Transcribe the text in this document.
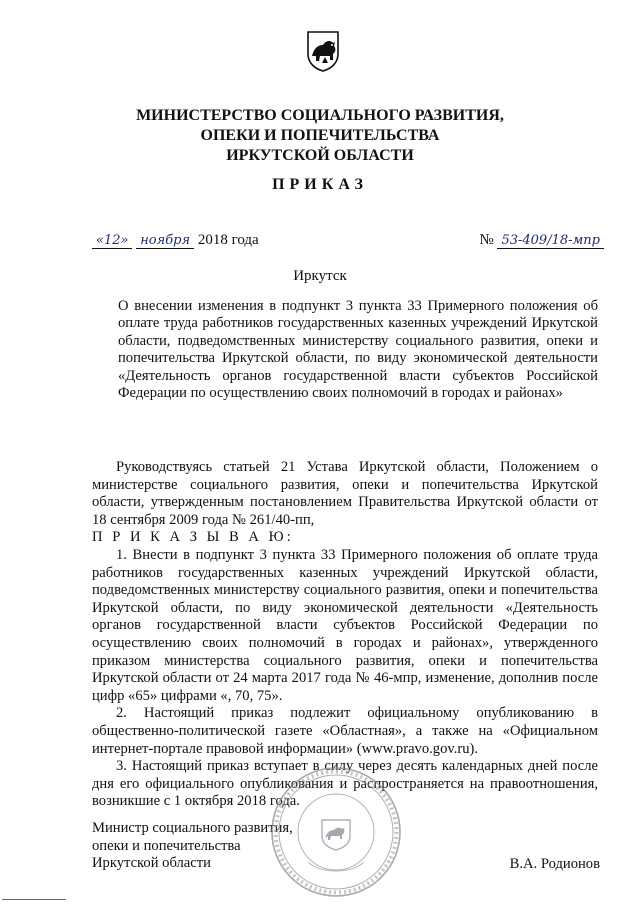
МИНИСТЕРСТВО СОЦИАЛЬНОГО РАЗВИТИЯ,
ОПЕКИ И ПОПЕЧИТЕЛЬСТВА
ИРКУТСКОЙ ОБЛАСТИ
ПРИКАЗ
«12» ноября 2018 года	№ 53-409/18-мпр
Иркутск
О внесении изменения в подпункт 3 пункта 33 Примерного положения об оплате труда работников государственных казенных учреждений Иркутской области, подведомственных министерству социального развития, опеки и попечительства Иркутской области, по виду экономической деятельности «Деятельность органов государственной власти субъектов Российской Федерации по осуществлению своих полномочий в городах и районах»

Руководствуясь статьей 21 Устава Иркутской области, Положением о министерстве социального развития, опеки и попечительства Иркутской области, утвержденным постановлением Правительства Иркутской области от 18 сентября 2009 года № 261/40-пп,

П Р И К А З Ы В А Ю:

1. Внести в подпункт 3 пункта 33 Примерного положения об оплате труда работников государственных казенных учреждений Иркутской области, подведомственных министерству социального развития, опеки и попечительства Иркутской области, по виду экономической деятельности «Деятельность органов государственной власти субъектов Российской Федерации по осуществлению своих полномочий в городах и районах», утвержденного приказом министерства социального развития, опеки и попечительства Иркутской области от 24 марта 2017 года № 46-мпр, изменение, дополнив после цифр «65» цифрами «, 70, 75».

2. Настоящий приказ подлежит официальному опубликованию в общественно-политической газете «Областная», а также на «Официальном интернет-портале правовой информации» (www.pravo.gov.ru).

3. Настоящий приказ вступает в силу через десять календарных дней после дня его официального опубликования и распространяется на правоотношения, возникшие с 1 октября 2018 года.

Министр социального развития,
опеки и попечительства
Иркутской области	В.А. Родионов
